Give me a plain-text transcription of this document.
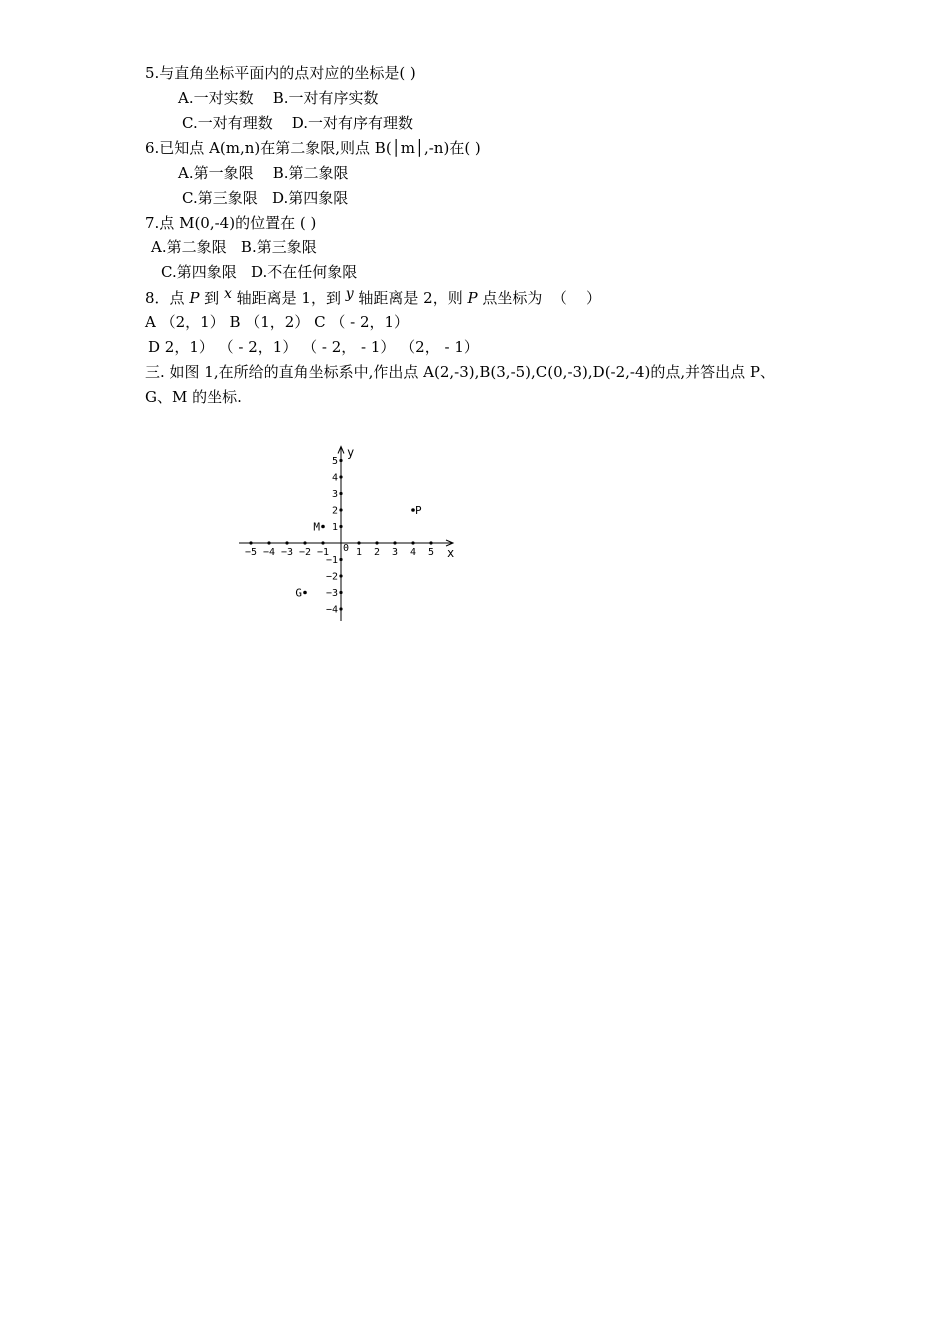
5.与直角坐标平面内的点对应的坐标是( )
A.一对实数 B.一对有序实数
C.一对有理数 D.一对有序有理数
6.已知点 A(m,n)在第二象限,则点 B(│m│,-n)在( )
A.第一象限 B.第二象限
C.第三象限 D.第四象限
7.点 M(0,-4)的位置在 ( )
A.第二象限 B.第三象限
C.第四象限 D.不在任何象限
8．点 P 到 x 轴距离是 1，到 y 轴距离是 2，则 P 点坐标为  （    ）
A （2，1） B （1，2） C （ - 2，1）
D 2，1） （ - 2，1） （ - 2， - 1） （2， - 1）
三. 如图 1,在所给的直角坐标系中,作出点 A(2,-3),B(3,-5),C(0,-3),D(-2,-4)的点,并答出点 P、
G、M 的坐标.
−5 −4 −3 −2 −1	1 2 3 4 5
5
4
3
2
1
−1
−2
−3
−4
P
M
G
x
y
0
